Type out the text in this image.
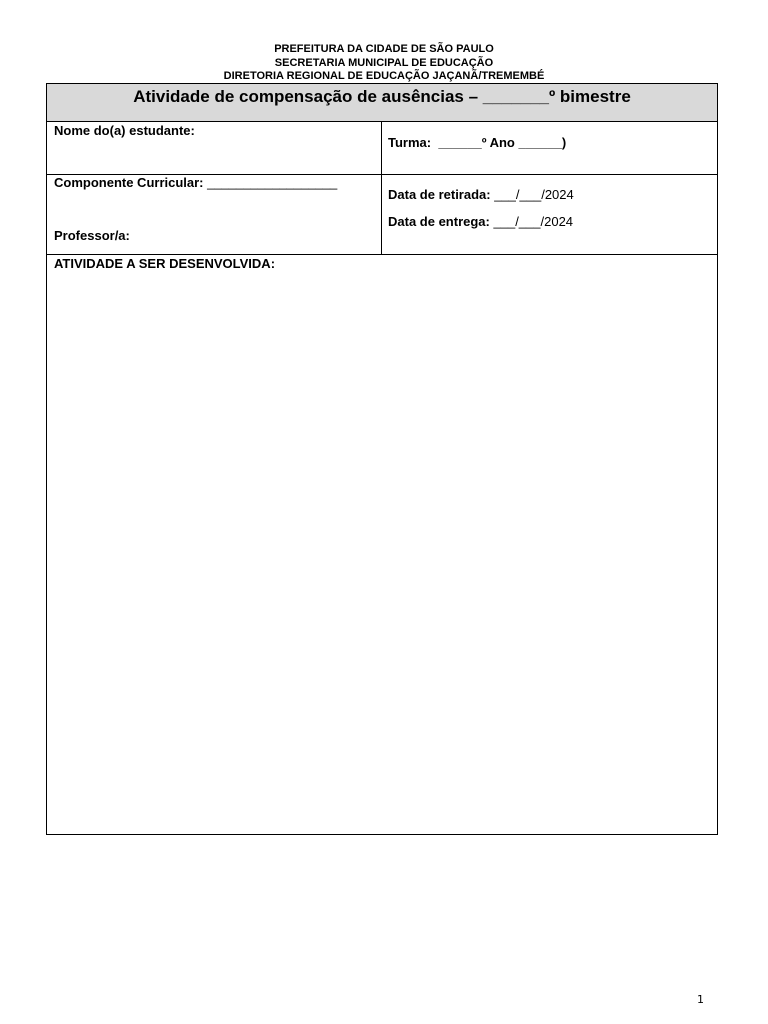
PREFEITURA DA CIDADE DE SÃO PAULO
SECRETARIA MUNICIPAL DE EDUCAÇÃO
DIRETORIA REGIONAL DE EDUCAÇÃO JAÇANÃ/TREMEMBÉ
Atividade de compensação de ausências – _______º bimestre
Nome do(a) estudante:
Turma: ______º Ano ______)
Componente Curricular: __________________
Professor/a:
Data de retirada: ___/___/2024
Data de entrega: ___/___/2024
ATIVIDADE A SER DESENVOLVIDA:
1
